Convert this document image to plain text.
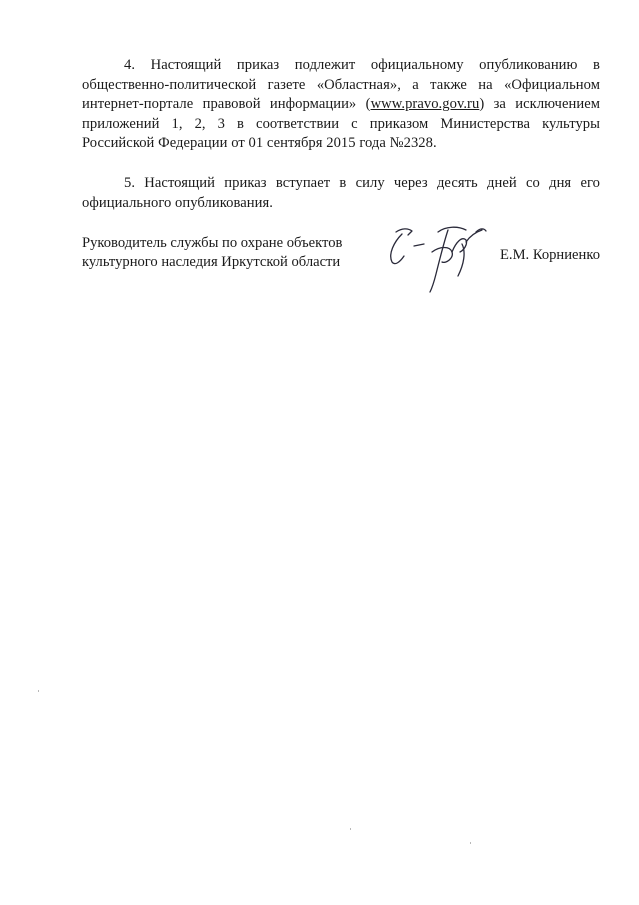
4. Настоящий приказ подлежит официальному опубликованию в общественно-политической газете «Областная», а также на «Официальном интернет-портале правовой информации» (www.pravo.gov.ru) за исключением приложений 1, 2, 3 в соответствии с приказом Министерства культуры Российской Федерации от 01 сентября 2015 года №2328.

5. Настоящий приказ вступает в силу через десять дней со дня его официального опубликования.

Руководитель службы по охране объектов
культурного наследия Иркутской области	Е.М. Корниенко
